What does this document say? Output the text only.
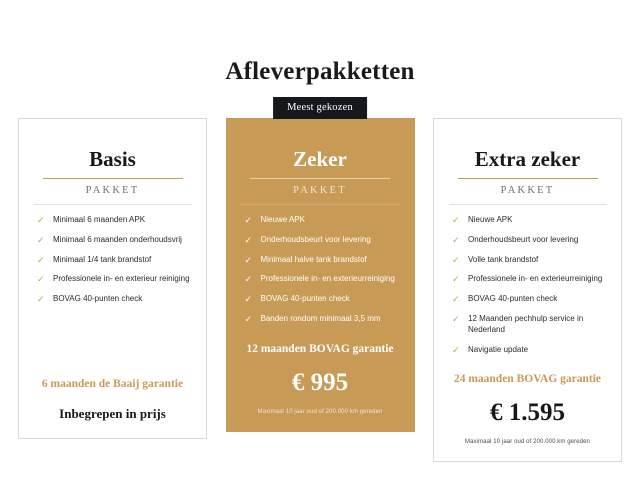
Afleverpakketten
Basis
PAKKET
✓	Minimaal 6 maanden APK
✓	Minimaal 6 maanden onderhoudsvrij
✓	Minimaal 1/4 tank brandstof
✓	Professionele in- en exterieur reiniging
✓	BOVAG 40-punten check
6 maanden de Baaij garantie
Inbegrepen in prijs
Meest gekozen
Zeker
PAKKET
✓	Nieuwe APK
✓	Onderhoudsbeurt voor levering
✓	Minimaal halve tank brandstof
✓	Professionele in- en exterieurreiniging
✓	BOVAG 40-punten check
✓	Banden rondom minimaal 3,5 mm
12 maanden BOVAG garantie
€ 995
Maximaal 10 jaar oud of 200.000 km gereden
Extra zeker
PAKKET
✓	Nieuwe APK
✓	Onderhoudsbeurt voor levering
✓	Volle tank brandstof
✓	Professionele in- en exterieurreiniging
✓	BOVAG 40-punten check
✓	12 Maanden pechhulp service in Nederland
✓	Navigatie update
24 maanden BOVAG garantie
€ 1.595
Maximaal 10 jaar oud of 200.000 km gereden
